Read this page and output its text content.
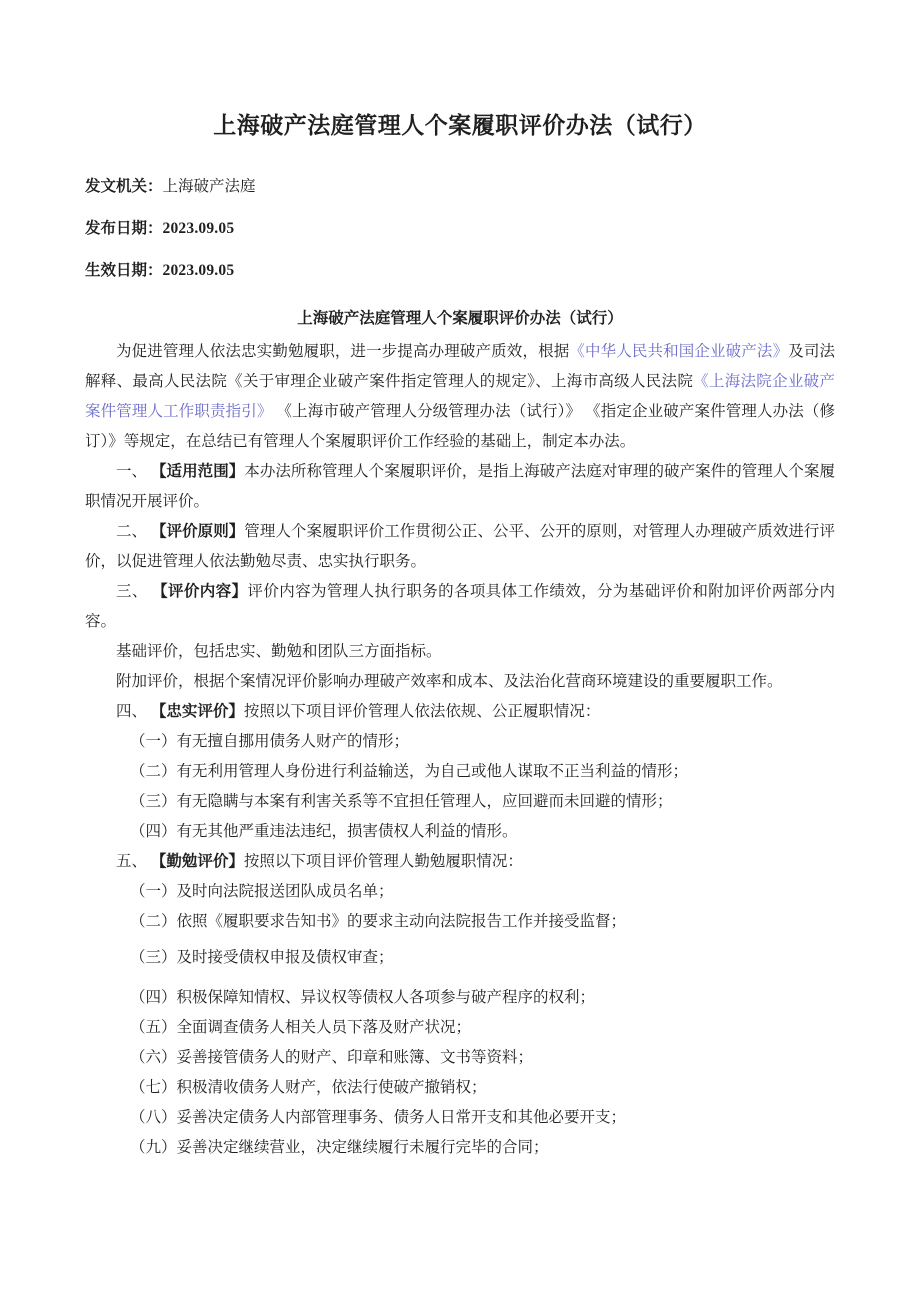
上海破产法庭管理人个案履职评价办法（试行）
发文机关：上海破产法庭
发布日期：2023.09.05
生效日期：2023.09.05
上海破产法庭管理人个案履职评价办法（试行）

为促进管理人依法忠实勤勉履职，进一步提高办理破产质效，根据《中华人民共和国企业破产法》及司法解释、最高人民法院《关于审理企业破产案件指定管理人的规定》、上海市高级人民法院《上海法院企业破产案件管理人工作职责指引》 《上海市破产管理人分级管理办法（试行）》 《指定企业破产案件管理人办法（修订）》等规定，在总结已有管理人个案履职评价工作经验的基础上，制定本办法。

一、 【适用范围】本办法所称管理人个案履职评价，是指上海破产法庭对审理的破产案件的管理人个案履职情况开展评价。

二、 【评价原则】管理人个案履职评价工作贯彻公正、公平、公开的原则，对管理人办理破产质效进行评价，以促进管理人依法勤勉尽责、忠实执行职务。

三、 【评价内容】评价内容为管理人执行职务的各项具体工作绩效，分为基础评价和附加评价两部分内容。

基础评价，包括忠实、勤勉和团队三方面指标。

附加评价，根据个案情况评价影响办理破产效率和成本、及法治化营商环境建设的重要履职工作。

四、 【忠实评价】按照以下项目评价管理人依法依规、公正履职情况：

（一）有无擅自挪用债务人财产的情形；

（二）有无利用管理人身份进行利益输送，为自己或他人谋取不正当利益的情形；

（三）有无隐瞒与本案有利害关系等不宜担任管理人，应回避而未回避的情形；

（四）有无其他严重违法违纪，损害债权人利益的情形。

五、 【勤勉评价】按照以下项目评价管理人勤勉履职情况：

（一）及时向法院报送团队成员名单；

（二）依照《履职要求告知书》的要求主动向法院报告工作并接受监督；

（三）及时接受债权申报及债权审查；

（四）积极保障知情权、异议权等债权人各项参与破产程序的权利；

（五）全面调查债务人相关人员下落及财产状况；

（六）妥善接管债务人的财产、印章和账簿、文书等资料；

（七）积极清收债务人财产，依法行使破产撤销权；

（八）妥善决定债务人内部管理事务、债务人日常开支和其他必要开支；

（九）妥善决定继续营业，决定继续履行未履行完毕的合同；
